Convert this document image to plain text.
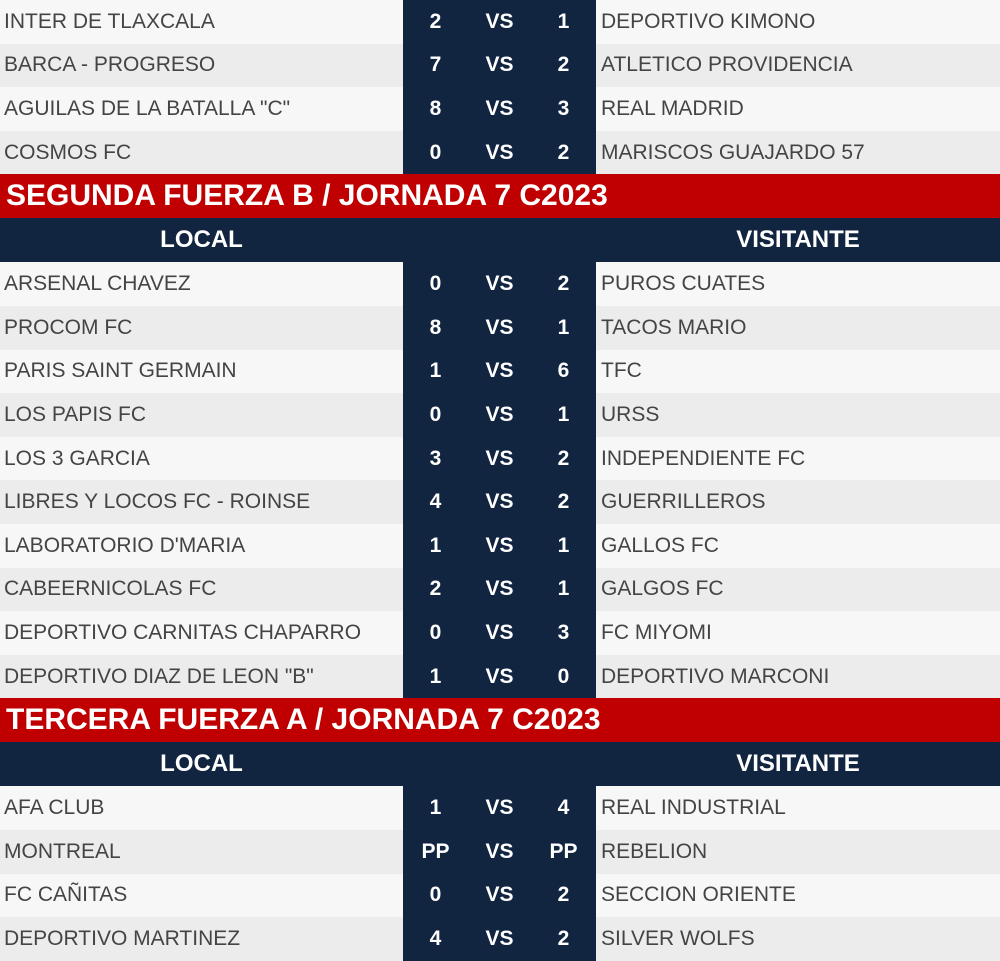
INTER DE TLAXCALA	2	VS	1	DEPORTIVO KIMONO
BARCA - PROGRESO	7	VS	2	ATLETICO PROVIDENCIA
AGUILAS DE LA BATALLA "C"	8	VS	3	REAL MADRID
COSMOS FC	0	VS	2	MARISCOS GUAJARDO 57
SEGUNDA FUERZA B / JORNADA 7 C2023
LOCAL	VISITANTE
ARSENAL CHAVEZ	0	VS	2	PUROS CUATES
PROCOM FC	8	VS	1	TACOS MARIO
PARIS SAINT GERMAIN	1	VS	6	TFC
LOS PAPIS FC	0	VS	1	URSS
LOS 3 GARCIA	3	VS	2	INDEPENDIENTE FC
LIBRES Y LOCOS FC - ROINSE	4	VS	2	GUERRILLEROS
LABORATORIO D'MARIA	1	VS	1	GALLOS FC
CABEERNICOLAS FC	2	VS	1	GALGOS FC
DEPORTIVO CARNITAS CHAPARRO	0	VS	3	FC MIYOMI
DEPORTIVO DIAZ DE LEON "B"	1	VS	0	DEPORTIVO MARCONI
TERCERA FUERZA A / JORNADA 7 C2023
LOCAL	VISITANTE
AFA CLUB	1	VS	4	REAL INDUSTRIAL
MONTREAL	PP	VS	PP	REBELION
FC CAÑITAS	0	VS	2	SECCION ORIENTE
DEPORTIVO MARTINEZ	4	VS	2	SILVER WOLFS
